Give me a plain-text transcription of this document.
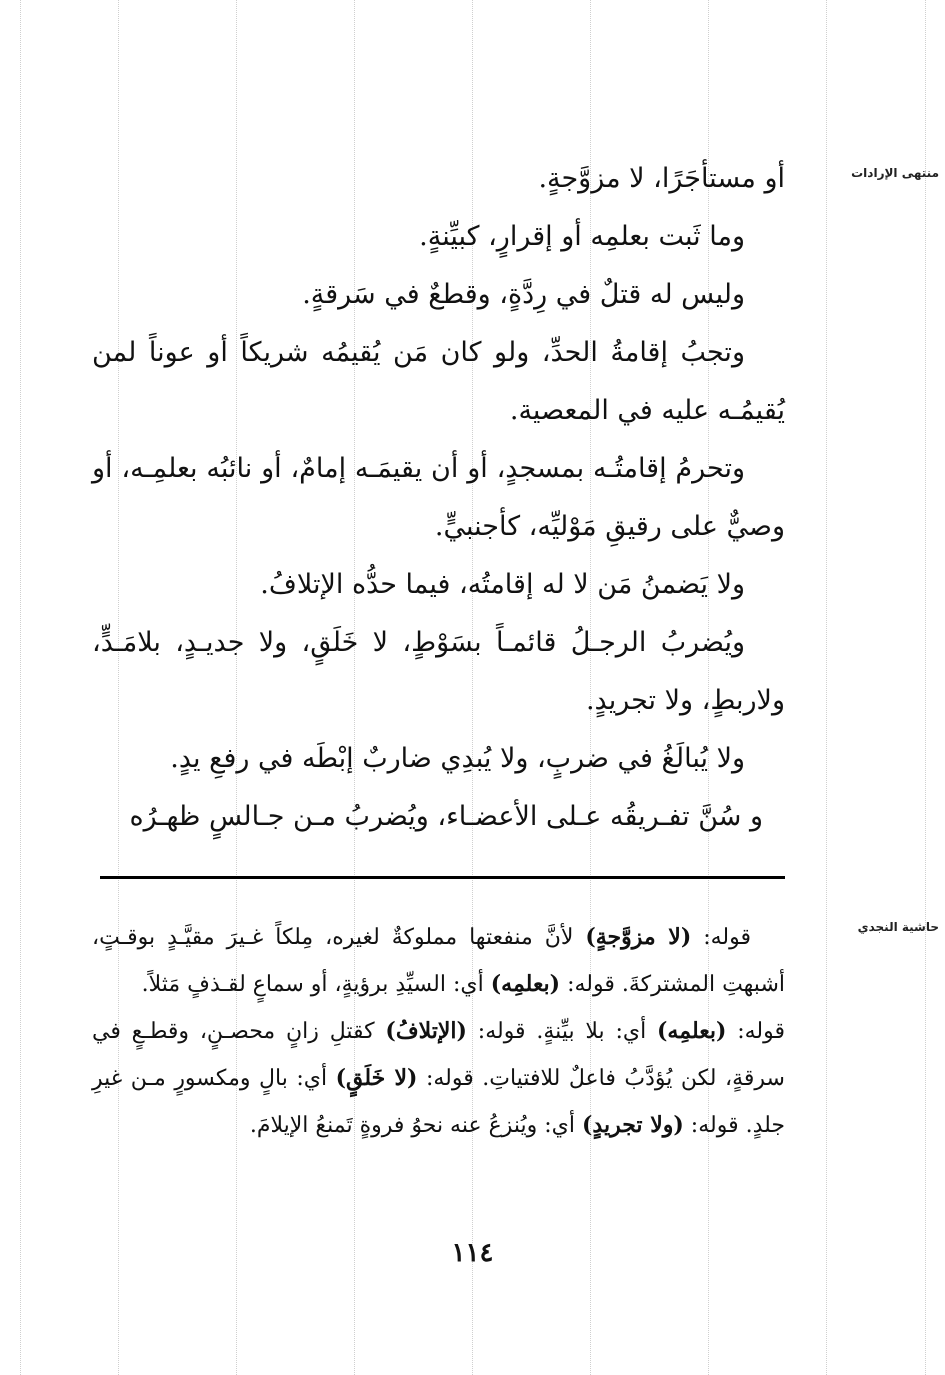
منتهى الإرادات
حاشية النجدي

أو مستأجَرًا، لا مزوَّجةٍ.

وما ثَبت بعلمِه أو إقرارٍ، كبيِّنةٍ.

وليس له قتلٌ في رِدَّةٍ، وقطعٌ في سَرقةٍ.

وتجبُ إقامةُ الحدِّ، ولو كان مَن يُقيمُه شريكاً أو عوناً لمن يُقيمُـه عليه في المعصية.

وتحرمُ إقامتُـه بمسجدٍ، أو أن يقيمَـه إمامٌ، أو نائبُه بعلمِـه، أو وصيٌّ على رقيقِ مَوْليِّه، كأجنبيٍّ.

ولا يَضمنُ مَن لا له إقامتُه، فيما حدُّه الإتلافُ.

ويُضربُ الرجـلُ قائمـاً بسَوْطٍ، لا خَلَقٍ، ولا جديـدٍ، بلامَـدٍّ، ولاربطٍ، ولا تجريدٍ.

ولا يُبالَغُ في ضربٍ، ولا يُبدِي ضاربٌ إبْطَه في رفعِ يدٍ.

و سُنَّ تفـريقُه عـلى الأعضـاء، ويُضربُ مـن جـالسٍ ظهـرُه

قوله: (لا مزوَّجةٍ) لأنَّ منفعتها مملوكةٌ لغيره، مِلكاً غـيرَ مقيَّـدٍ بوقـتٍ، أشبهتِ المشتركةَ. قوله: (بعلمِه) أي: السيِّدِ برؤيةٍ، أو سماعٍ لقـذفٍ مَثلاً.

قوله: (بعلمِه) أي: بلا بيِّنةٍ. قوله: (الإتلافُ) كقتلِ زانٍ محصـنٍ، وقطـعٍ في سرقةٍ، لكن يُؤدَّبُ فاعلٌ للافتياتِ. قوله: (لا خَلَقٍ) أي: بالٍ ومكسورٍ مـن غيرِ جلدٍ. قوله: (ولا تجريدٍ) أي: ويُنزعُ عنه نحوُ فروةٍ تَمنعُ الإيلامَ.

١١٤
